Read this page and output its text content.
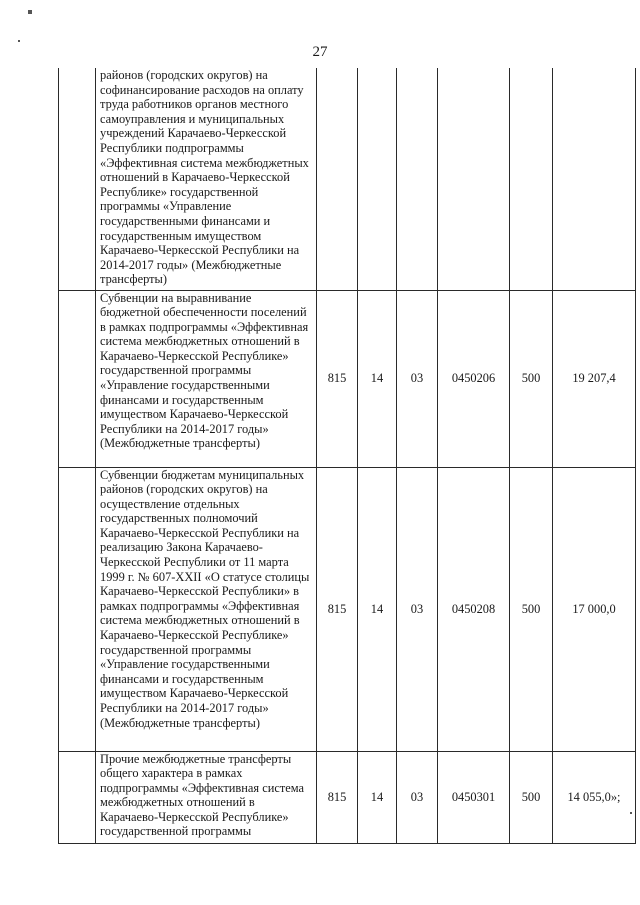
27
	районов (городских округов) на софинансирование расходов на оплату труда работников органов местного самоуправления и муниципальных учреждений Карачаево-Черкесской Республики подпрограммы «Эффективная система межбюджетных отношений в Карачаево-Черкесской Республике» государственной программы «Управление государственными финансами и государственным имуществом Карачаево-Черкесской Республики на 2014-2017 годы» (Межбюджетные трансферты)						
	Субвенции на выравнивание бюджетной обеспеченности поселений в рамках подпрограммы «Эффективная система межбюджетных отношений в Карачаево-Черкесской Республике» государственной программы «Управление государственными финансами и государственным имуществом Карачаево-Черкесской Республики на 2014-2017 годы» (Межбюджетные трансферты)	815	14	03	0450206	500	19 207,4
	Субвенции бюджетам муниципальных районов (городских округов) на осуществление отдельных государственных полномочий Карачаево-Черкесской Республики на реализацию Закона Карачаево-Черкесской Республики от 11 марта 1999 г. № 607-XXII «О статусе столицы Карачаево-Черкесской Республики» в рамках подпрограммы «Эффективная система межбюджетных отношений в Карачаево-Черкесской Республике» государственной программы «Управление государственными финансами и государственным имуществом Карачаево-Черкесской Республики на 2014-2017 годы» (Межбюджетные трансферты)	815	14	03	0450208	500	17 000,0
	Прочие межбюджетные трансферты общего характера в рамках подпрограммы «Эффективная система межбюджетных отношений в Карачаево-Черкесской Республике» государственной программы	815	14	03	0450301	500	14 055,0»;
